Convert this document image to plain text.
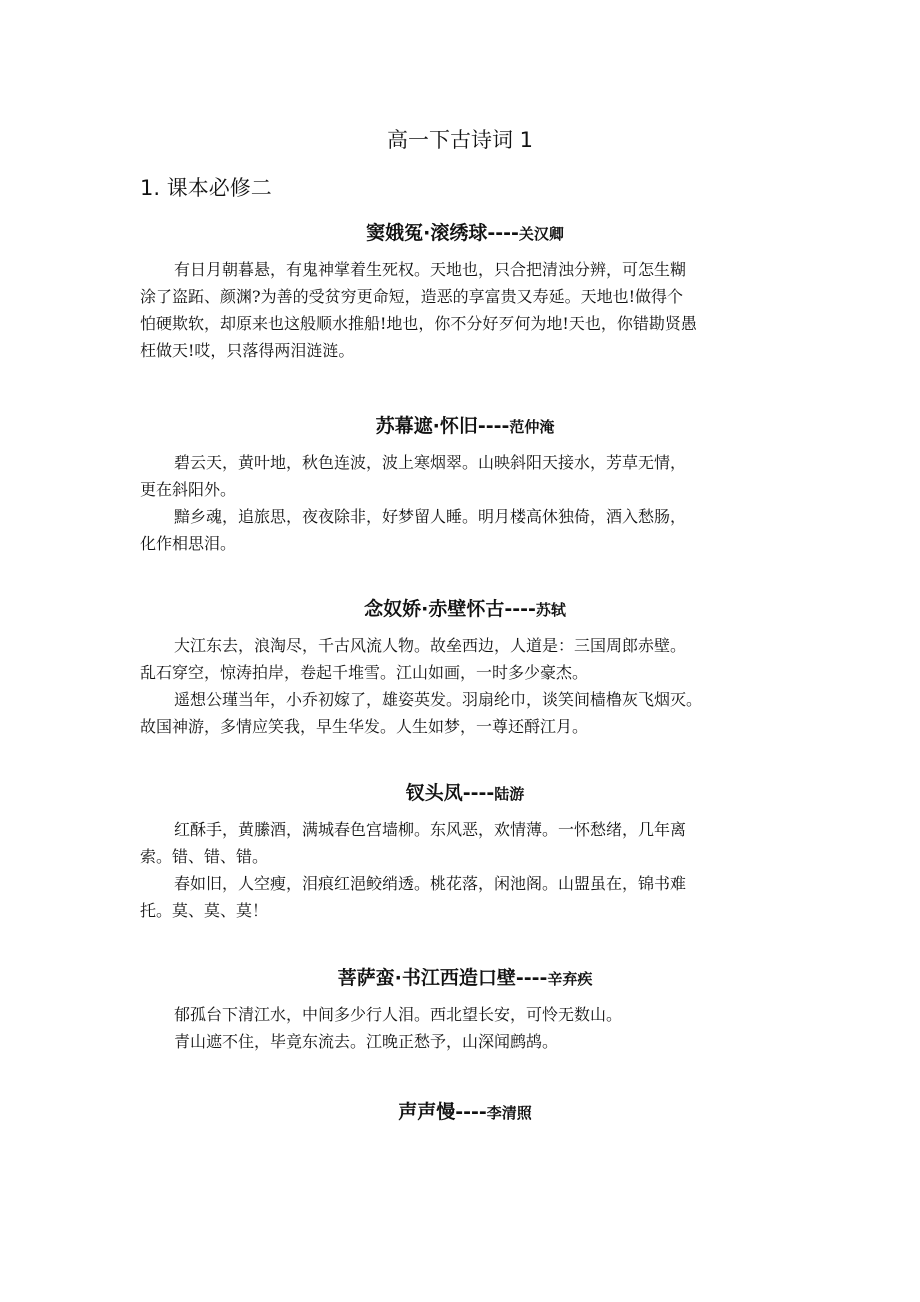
高一下古诗词 1
1. 课本必修二
窦娥冤·滚绣球----关汉卿

有日月朝暮悬，有鬼神掌着生死权。天地也，只合把清浊分辨，可怎生糊
涂了盗跖、颜渊?为善的受贫穷更命短，造恶的享富贵又寿延。天地也!做得个
怕硬欺软，却原来也这般顺水推船!地也，你不分好歹何为地!天也，你错勘贤愚
枉做天!哎，只落得两泪涟涟。

苏幕遮·怀旧----范仲淹

碧云天，黄叶地，秋色连波，波上寒烟翠。山映斜阳天接水，芳草无情，
更在斜阳外。

黯乡魂，追旅思，夜夜除非，好梦留人睡。明月楼高休独倚，酒入愁肠，
化作相思泪。

念奴娇·赤壁怀古----苏轼

大江东去，浪淘尽，千古风流人物。故垒西边，人道是：三国周郎赤壁。
乱石穿空，惊涛拍岸，卷起千堆雪。江山如画，一时多少豪杰。

遥想公瑾当年，小乔初嫁了，雄姿英发。羽扇纶巾，谈笑间樯橹灰飞烟灭。
故国神游，多情应笑我，早生华发。人生如梦，一尊还酹江月。

钗头凤----陆游

红酥手，黄縢酒，满城春色宫墙柳。东风恶，欢情薄。一怀愁绪，几年离
索。错、错、错。

春如旧，人空瘦，泪痕红浥鲛绡透。桃花落，闲池阁。山盟虽在，锦书难
托。莫、莫、莫！

菩萨蛮·书江西造口壁----辛弃疾

郁孤台下清江水，中间多少行人泪。西北望长安，可怜无数山。

青山遮不住，毕竟东流去。江晚正愁予，山深闻鹧鸪。

声声慢----李清照
